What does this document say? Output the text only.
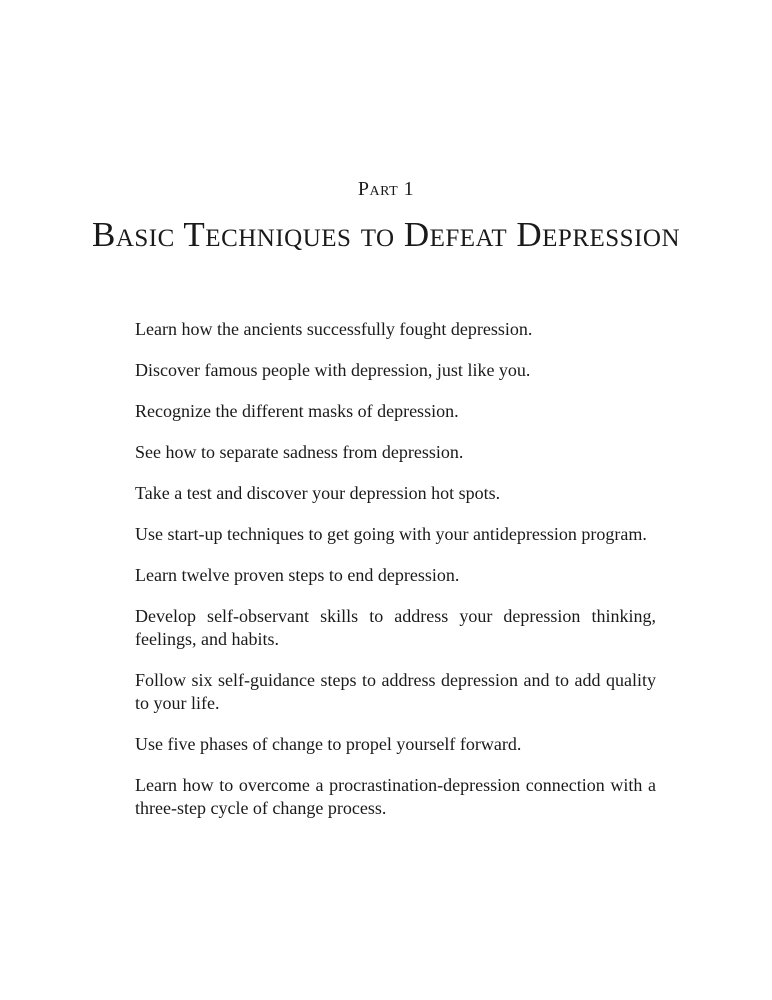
Part 1
Basic Techniques to Defeat Depression

Learn how the ancients successfully fought depression.

Discover famous people with depression, just like you.

Recognize the different masks of depression.

See how to separate sadness from depression.

Take a test and discover your depression hot spots.

Use start-up techniques to get going with your antidepression program.

Learn twelve proven steps to end depression.

Develop self-observant skills to address your depression thinking, feelings, and habits.

Follow six self-guidance steps to address depression and to add quality to your life.

Use five phases of change to propel yourself forward.

Learn how to overcome a procrastination-depression connection with a three-step cycle of change process.
